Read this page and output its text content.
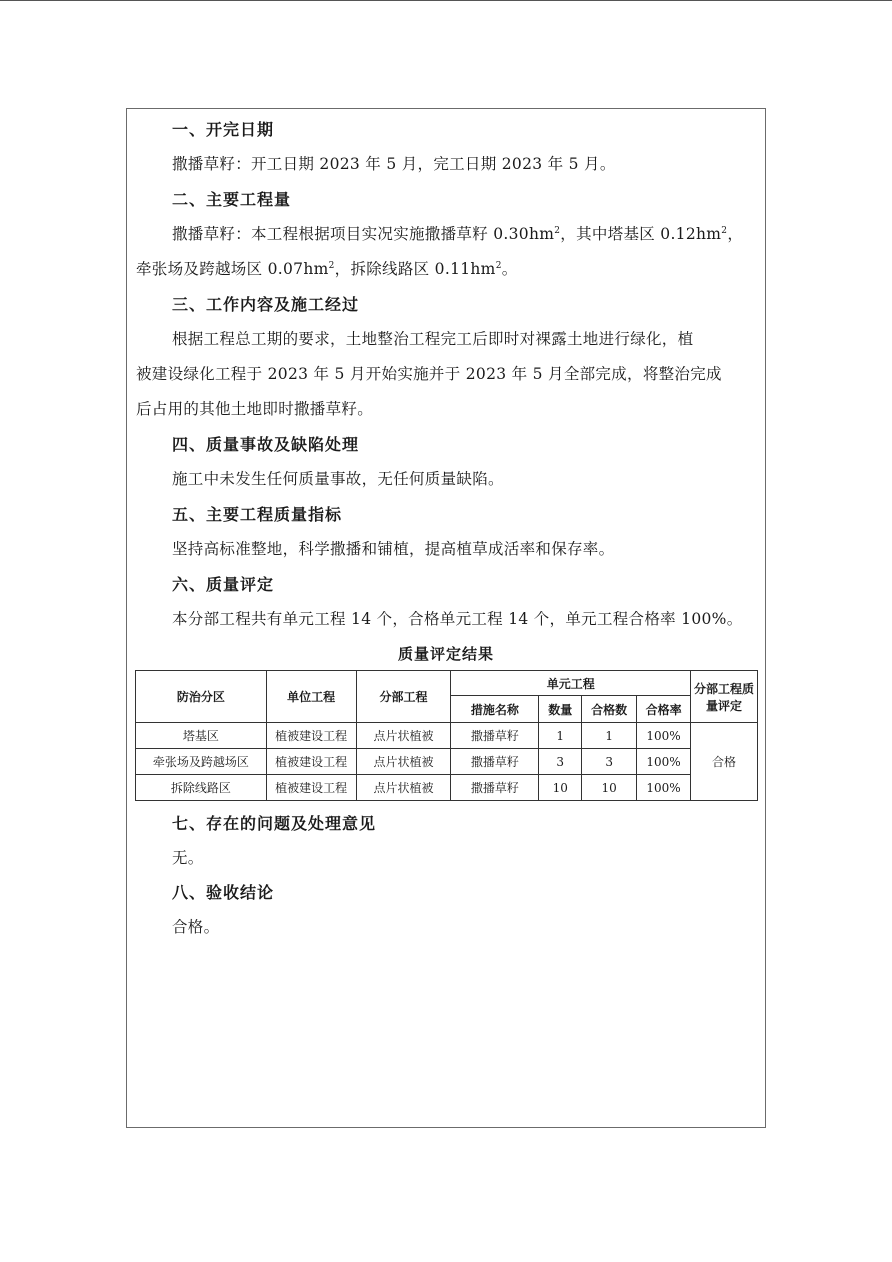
一、开完日期
撒播草籽：开工日期 2023 年 5 月，完工日期 2023 年 5 月。
二、主要工程量
撒播草籽：本工程根据项目实况实施撒播草籽 $0.30hm^2$，其中塔基区 $0.12hm^2$，
牵张场及跨越场区 $0.07hm^2$，拆除线路区 $0.11hm^2$。
三、工作内容及施工经过
根据工程总工期的要求，土地整治工程完工后即时对裸露土地进行绿化，植
被建设绿化工程于 2023 年 5 月开始实施并于 2023 年 5 月全部完成，将整治完成
后占用的其他土地即时撒播草籽。
四、质量事故及缺陷处理
施工中未发生任何质量事故，无任何质量缺陷。
五、主要工程质量指标
坚持高标准整地，科学撒播和铺植，提高植草成活率和保存率。
六、质量评定
本分部工程共有单元工程 14 个，合格单元工程 14 个，单元工程合格率 100%。
质量评定结果
防治分区	单位工程	分部工程	单元工程				分部工程质
量评定
			措施名称	数量	合格数	合格率	
塔基区	植被建设工程	点片状植被	撒播草籽	1	1	100%	合格
牵张场及跨越场区	植被建设工程	点片状植被	撒播草籽	3	3	100%	
拆除线路区	植被建设工程	点片状植被	撒播草籽	10	10	100%	
七、存在的问题及处理意见
无。
八、验收结论
合格。
